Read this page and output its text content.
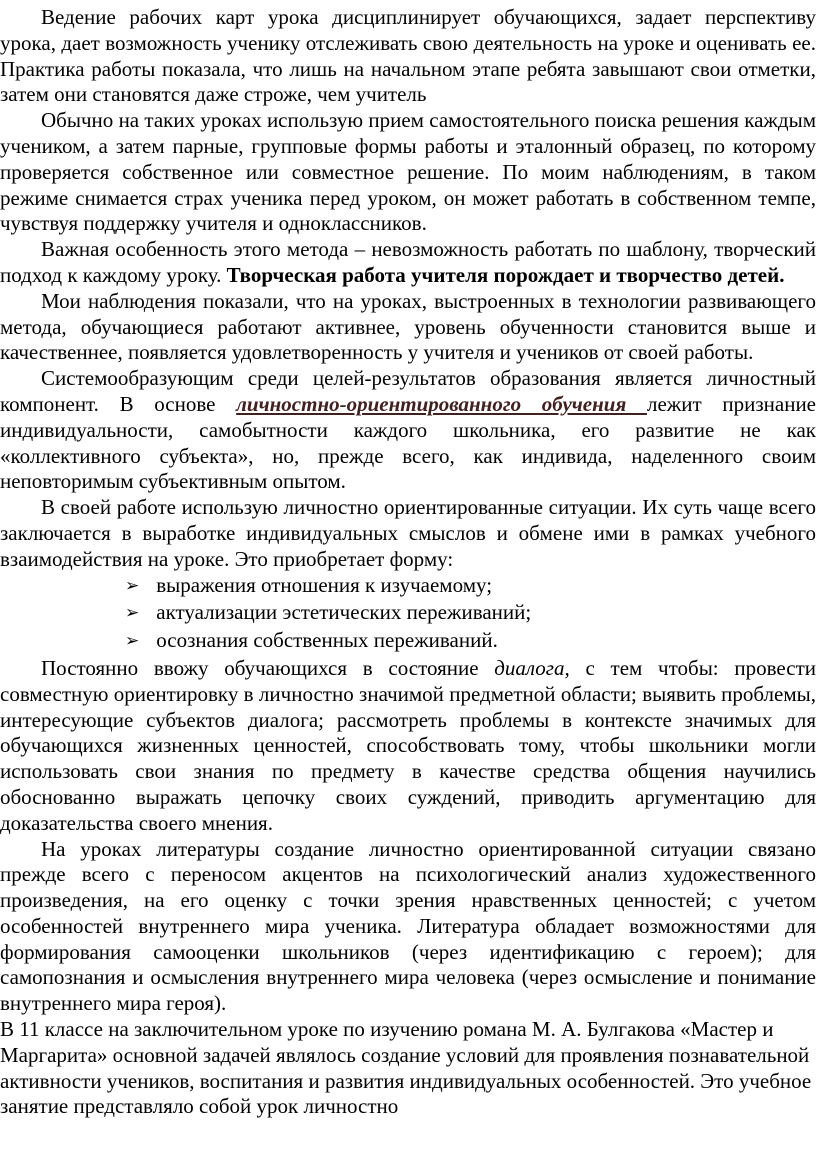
Ведение рабочих карт урока дисциплинирует обучающихся, задает перспективу урока, дает возможность ученику отслеживать свою деятельность на уроке и оценивать ее. Практика работы показала, что лишь на начальном этапе ребята завышают свои отметки, затем они становятся даже строже, чем учитель

Обычно на таких уроках использую прием самостоятельного поиска решения каждым учеником, а затем парные, групповые формы работы и эталонный образец, по которому проверяется собственное или совместное решение. По моим наблюдениям, в таком режиме снимается страх ученика перед уроком, он может работать в собственном темпе, чувствуя поддержку учителя и одноклассников.

Важная особенность этого метода – невозможность работать по шаблону, творческий подход к каждому уроку. Творческая работа учителя порождает и творчество детей.

Мои наблюдения показали, что на уроках, выстроенных в технологии развивающего метода, обучающиеся работают активнее, уровень обученности становится выше и качественнее, появляется удовлетворенность у учителя и учеников от своей работы.

Системообразующим среди целей-результатов образования является личностный компонент. В основе личностно-ориентированного обучения лежит признание индивидуальности, самобытности каждого школьника, его развитие не как «коллективного субъекта», но, прежде всего, как индивида, наделенного своим неповторимым субъективным опытом.

В своей работе использую личностно ориентированные ситуации. Их суть чаще всего заключается в выработке индивидуальных смыслов и обмене ими в рамках учебного взаимодействия на уроке. Это приобретает форму:

➢ выражения отношения к изучаемому;
➢ актуализации эстетических переживаний;
➢ осознания собственных переживаний.

Постоянно ввожу обучающихся в состояние диалога, с тем чтобы: провести совместную ориентировку в личностно значимой предметной области; выявить проблемы, интересующие субъектов диалога; рассмотреть проблемы в контексте значимых для обучающихся жизненных ценностей, способствовать тому, чтобы школьники могли использовать свои знания по предмету в качестве средства общения научились обоснованно выражать цепочку своих суждений, приводить аргументацию для доказательства своего мнения.

На уроках литературы создание личностно ориентированной ситуации связано прежде всего с переносом акцентов на психологический анализ художественного произведения, на его оценку с точки зрения нравственных ценностей; с учетом особенностей внутреннего мира ученика. Литература обладает возможностями для формирования самооценки школьников (через идентификацию с героем); для самопознания и осмысления внутреннего мира человека (через осмысление и понимание внутреннего мира героя).

В 11 классе на заключительном уроке по изучению романа М. А. Булгакова «Мастер и Маргарита» основной задачей являлось создание условий для проявления познавательной активности учеников, воспитания и развития индивидуальных особенностей. Это учебное занятие представляло собой урок личностно
